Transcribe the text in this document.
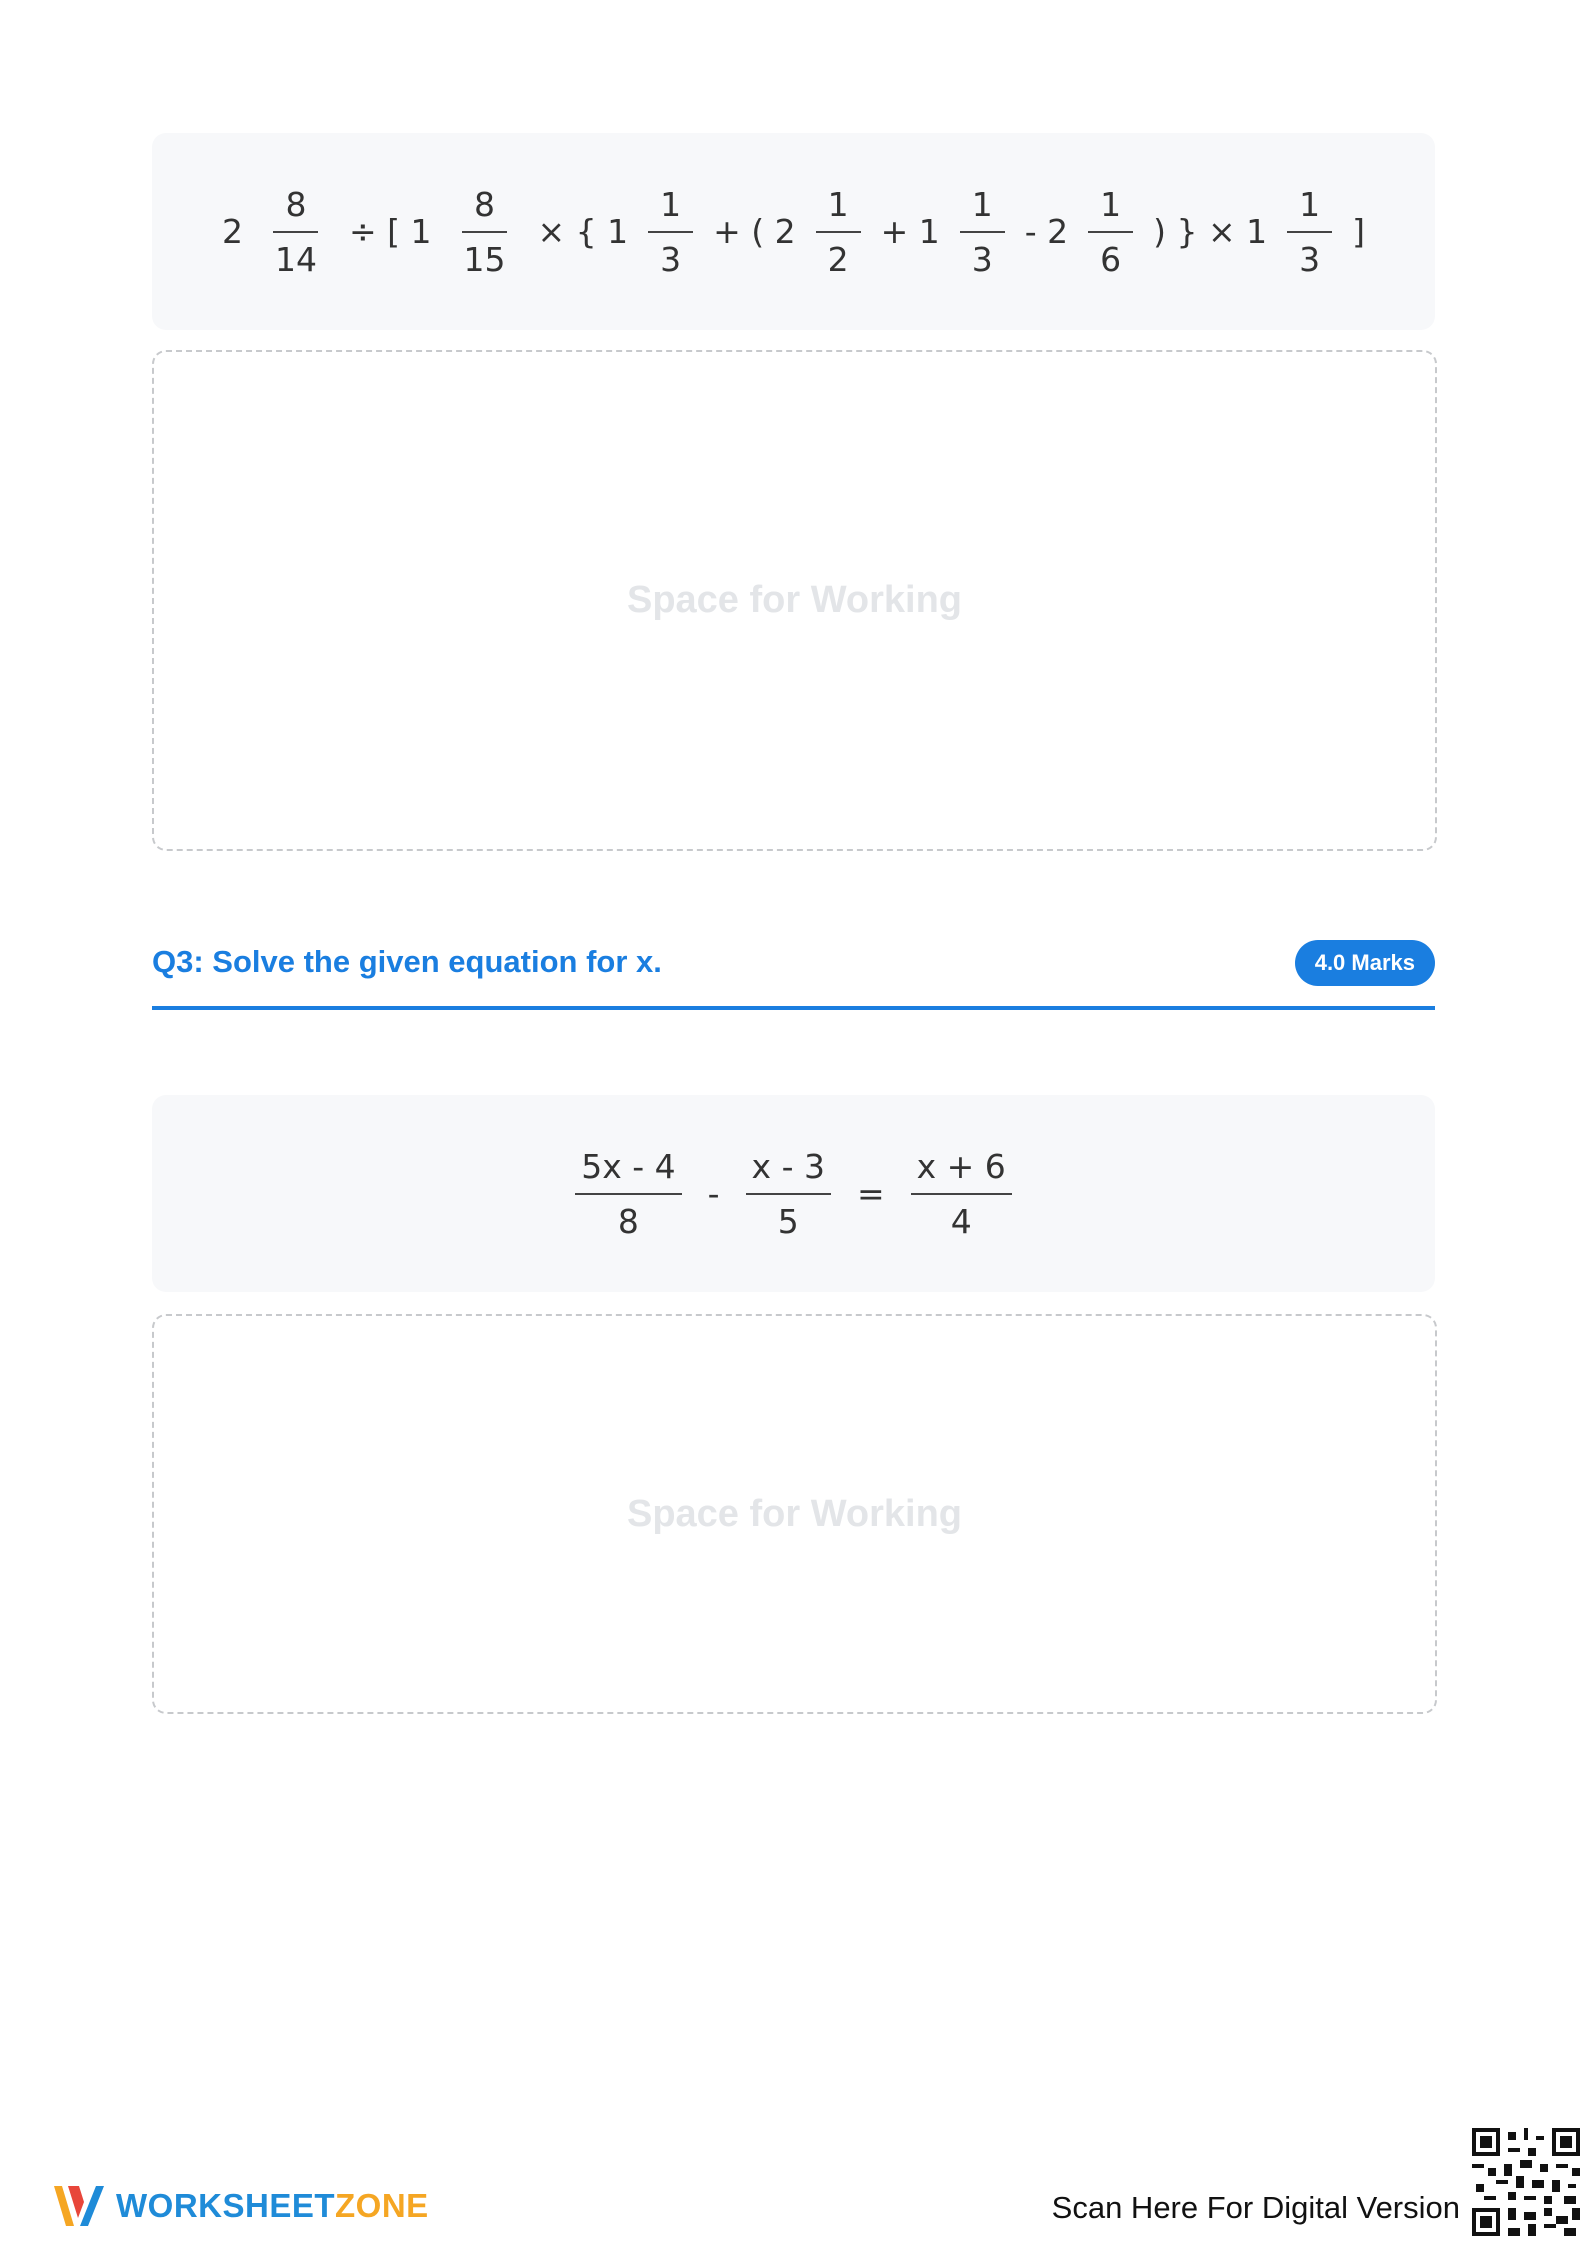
$2 \frac{8}{14}$ ÷ [ $1 \frac{8}{15}$ × { $1 \frac{1}{3}$ + ( $2 \frac{1}{2} + 1 \frac{1}{3} - 2 \frac{1}{6}$ ) } × $1 \frac{1}{3}$ ]
Space for Working
Q3: Solve the given equation for x.	4.0 Marks
$\frac{5x - 4}{8} - \frac{x - 3}{5} = \frac{x + 6}{4}$
Space for Working
WORKSHEETZONE	Scan Here For Digital Version
